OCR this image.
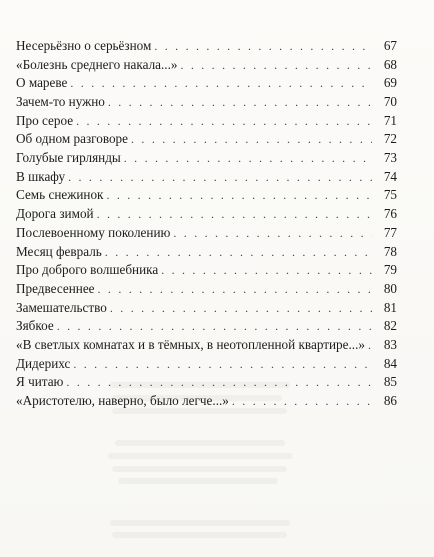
Несерьёзно о серьёзном . . .	67
«Болезнь среднего накала...» . . .	68
О мареве . . .	69
Зачем-то нужно . . .	70
Про серое . . .	71
Об одном разговоре . . .	72
Голубые гирлянды . . .	73
В шкафу . . .	74
Семь снежинок . . .	75
Дорога зимой . . .	76
Послевоенному поколению . . .	77
Месяц февраль . . .	78
Про доброго волшебника . . .	79
Предвесеннее . . .	80
Замешательство . . .	81
Зябкое . . .	82
«В светлых комнатах и в тёмных, в неотопленной квартире...» . . .	83
Дидерихс . . .	84
Я читаю . . .	85
«Аристотелю, наверно, было легче...» . . .	86
